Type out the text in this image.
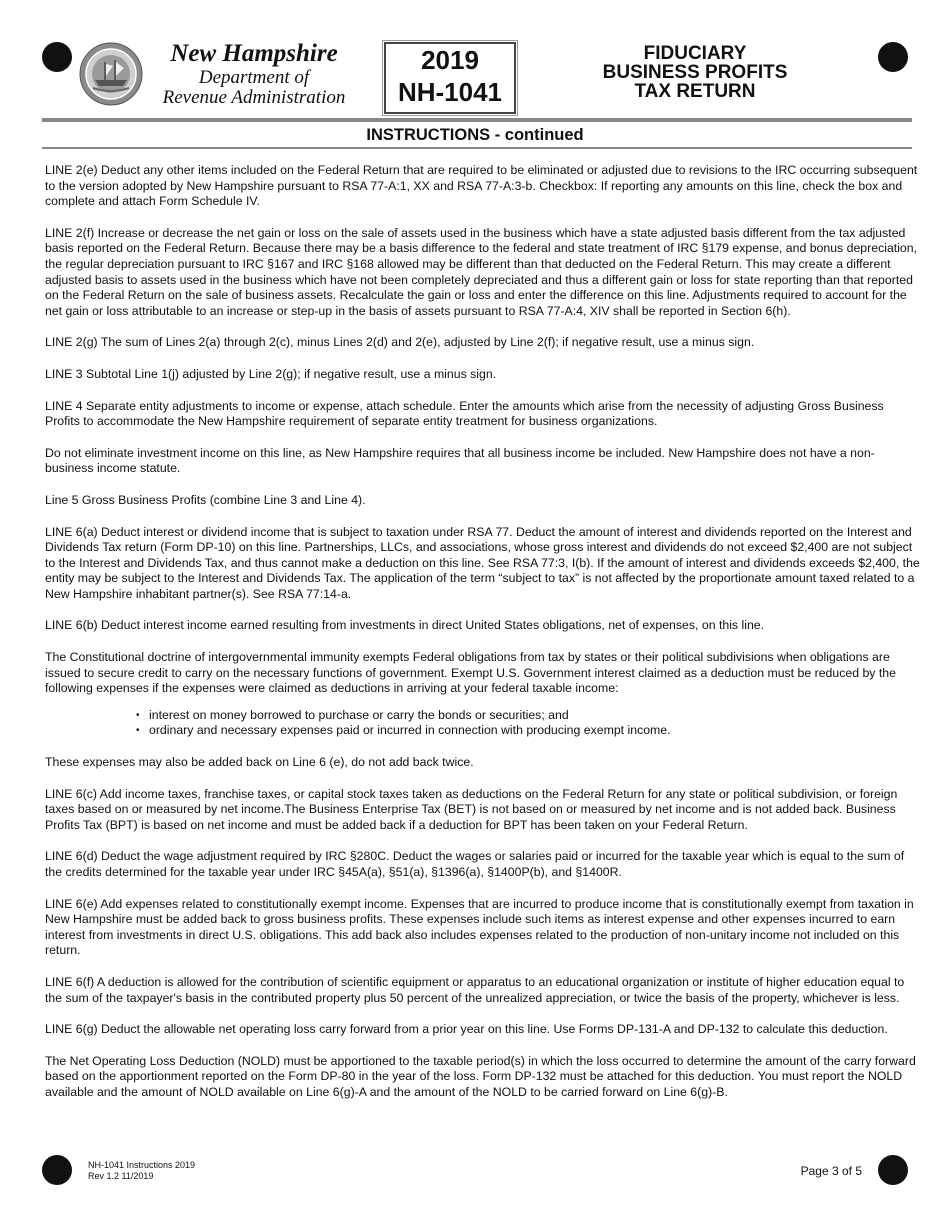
New Hampshire
Department of
Revenue Administration
2019
NH-1041
FIDUCIARY
BUSINESS PROFITS
TAX RETURN
INSTRUCTIONS - continued

LINE 2(e) Deduct any other items included on the Federal Return that are required to be eliminated or adjusted due to revisions to the IRC occurring subsequent to the version adopted by New Hampshire pursuant to RSA 77-A:1, XX and RSA 77-A:3-b. Checkbox: If reporting any amounts on this line, check the box and complete and attach Form Schedule IV.

LINE 2(f) Increase or decrease the net gain or loss on the sale of assets used in the business which have a state adjusted basis different from the tax adjusted basis reported on the Federal Return. Because there may be a basis difference to the federal and state treatment of IRC §179 expense, and bonus depreciation, the regular depreciation pursuant to IRC §167 and IRC §168 allowed may be different than that deducted on the Federal Return. This may create a different adjusted basis to assets used in the business which have not been completely depreciated and thus a different gain or loss for state reporting than that reported on the Federal Return on the sale of business assets. Recalculate the gain or loss and enter the difference on this line. Adjustments required to account for the net gain or loss attributable to an increase or step-up in the basis of assets pursuant to RSA 77-A:4, XIV shall be reported in Section 6(h).

LINE 2(g) The sum of Lines 2(a) through 2(c), minus Lines 2(d) and 2(e), adjusted by Line 2(f); if negative result, use a minus sign.

LINE 3 Subtotal Line 1(j) adjusted by Line 2(g); if negative result, use a minus sign.

LINE 4 Separate entity adjustments to income or expense, attach schedule. Enter the amounts which arise from the necessity of adjusting Gross Business Profits to accommodate the New Hampshire requirement of separate entity treatment for business organizations.

Do not eliminate investment income on this line, as New Hampshire requires that all business income be included. New Hampshire does not have a non-business income statute.

Line 5 Gross Business Profits (combine Line 3 and Line 4).

LINE 6(a) Deduct interest or dividend income that is subject to taxation under RSA 77. Deduct the amount of interest and dividends reported on the Interest and Dividends Tax return (Form DP-10) on this line. Partnerships, LLCs, and associations, whose gross interest and dividends do not exceed $2,400 are not subject to the Interest and Dividends Tax, and thus cannot make a deduction on this line. See RSA 77:3, I(b). If the amount of interest and dividends exceeds $2,400, the entity may be subject to the Interest and Dividends Tax. The application of the term “subject to tax” is not affected by the proportionate amount taxed related to a New Hampshire inhabitant partner(s). See RSA 77:14-a.

LINE 6(b) Deduct interest income earned resulting from investments in direct United States obligations, net of expenses, on this line.

The Constitutional doctrine of intergovernmental immunity exempts Federal obligations from tax by states or their political subdivisions when obligations are issued to secure credit to carry on the necessary functions of government. Exempt U.S. Government interest claimed as a deduction must be reduced by the following expenses if the expenses were claimed as deductions in arriving at your federal taxable income:

• interest on money borrowed to purchase or carry the bonds or securities; and
• ordinary and necessary expenses paid or incurred in connection with producing exempt income.

These expenses may also be added back on Line 6 (e), do not add back twice.

LINE 6(c) Add income taxes, franchise taxes, or capital stock taxes taken as deductions on the Federal Return for any state or political subdivision, or foreign taxes based on or measured by net income.The Business Enterprise Tax (BET) is not based on or measured by net income and is not added back. Business Profits Tax (BPT) is based on net income and must be added back if a deduction for BPT has been taken on your Federal Return.

LINE 6(d) Deduct the wage adjustment required by IRC §280C. Deduct the wages or salaries paid or incurred for the taxable year which is equal to the sum of the credits determined for the taxable year under IRC §45A(a), §51(a), §1396(a), §1400P(b), and §1400R.

LINE 6(e) Add expenses related to constitutionally exempt income. Expenses that are incurred to produce income that is constitutionally exempt from taxation in New Hampshire must be added back to gross business profits. These expenses include such items as interest expense and other expenses incurred to earn interest from investments in direct U.S. obligations. This add back also includes expenses related to the production of non-unitary income not included on this return.

LINE 6(f) A deduction is allowed for the contribution of scientific equipment or apparatus to an educational organization or institute of higher education equal to the sum of the taxpayer's basis in the contributed property plus 50 percent of the unrealized appreciation, or twice the basis of the property, whichever is less.

LINE 6(g) Deduct the allowable net operating loss carry forward from a prior year on this line. Use Forms DP-131-A and DP-132 to calculate this deduction.

The Net Operating Loss Deduction (NOLD) must be apportioned to the taxable period(s) in which the loss occurred to determine the amount of the carry forward based on the apportionment reported on the Form DP-80 in the year of the loss. Form DP-132 must be attached for this deduction. You must report the NOLD available and the amount of NOLD available on Line 6(g)-A and the amount of the NOLD to be carried forward on Line 6(g)-B.

NH-1041 Instructions 2019
Rev 1.2 11/2019	Page 3 of 5
